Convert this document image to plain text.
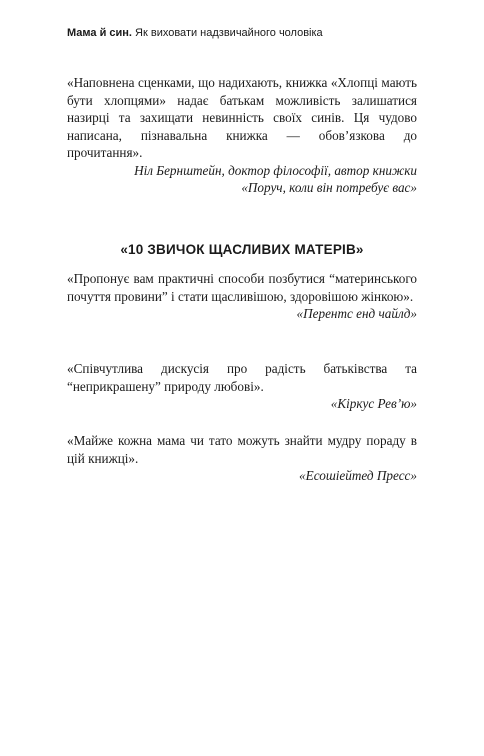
Мама й син. Як виховати надзвичайного чоловіка

«Наповнена сценками, що надихають, книжка «Хлопці мають бути хлопцями» надає батькам можливість залишатися назирці та захищати невинність своїх синів. Ця чудово написана, пізнавальна книжка — обов’язкова до прочитання».

Ніл Бернштейн, доктор філософії, автор книжки

«Поруч, коли він потребує вас»

«10 ЗВИЧОК ЩАСЛИВИХ МАТЕРІВ»

«Пропонує вам практичні способи позбутися “материнського почуття провини” і стати щасливішою, здоровішою жінкою».

«Перентс енд чайлд»

«Співчутлива дискусія про радість батьківства та “неприкрашену” природу любові».

«Кіркус Рев’ю»

«Майже кожна мама чи тато можуть знайти мудру пораду в цій книжці».

«Есошіейтед Пресс»
